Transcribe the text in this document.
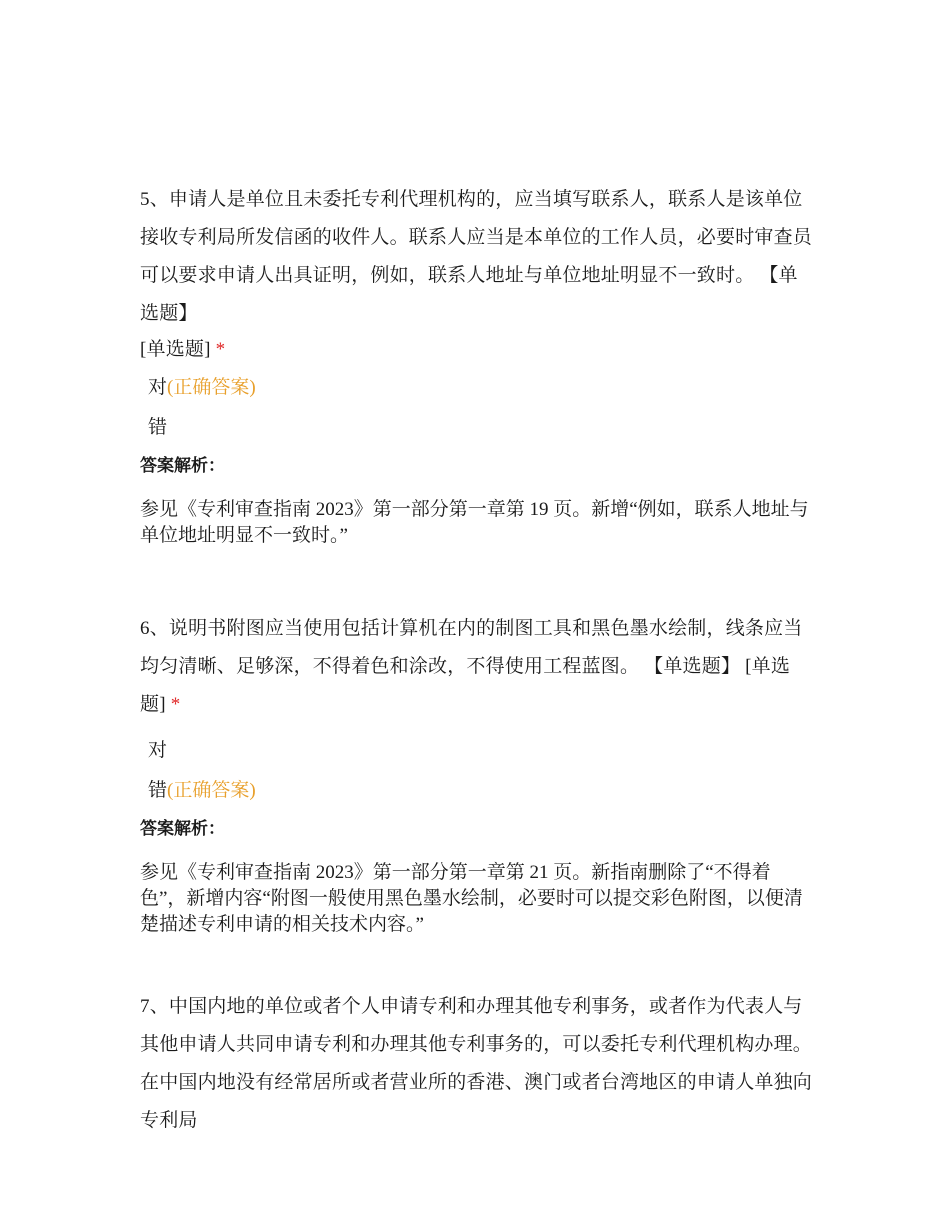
5、申请人是单位且未委托专利代理机构的，应当填写联系人，联系人是该单位接收专利局所发信函的收件人。联系人应当是本单位的工作人员，必要时审查员可以要求申请人出具证明，例如，联系人地址与单位地址明显不一致时。 【单选题】

[单选题] *

对(正确答案)
错
答案解析：

参见《专利审查指南 2023》第一部分第一章第 19 页。新增“例如，联系人地址与单位地址明显不一致时。”

6、说明书附图应当使用包括计算机在内的制图工具和黑色墨水绘制，线条应当均匀清晰、足够深，不得着色和涂改，不得使用工程蓝图。 【单选题】 [单选题] *

对
错(正确答案)
答案解析：

参见《专利审查指南 2023》第一部分第一章第 21 页。新指南删除了“不得着色”，新增内容“附图一般使用黑色墨水绘制，必要时可以提交彩色附图，以便清楚描述专利申请的相关技术内容。”

7、中国内地的单位或者个人申请专利和办理其他专利事务，或者作为代表人与其他申请人共同申请专利和办理其他专利事务的，可以委托专利代理机构办理。在中国内地没有经常居所或者营业所的香港、澳门或者台湾地区的申请人单独向专利局
